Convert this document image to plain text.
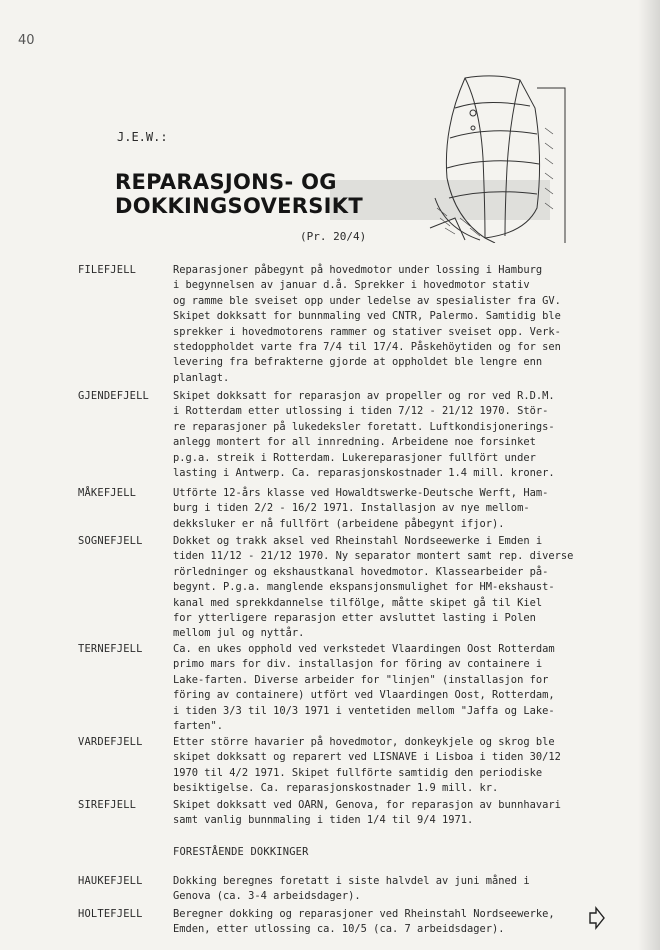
40
J.E.W.:
REPARASJONS- OG
DOKKINGSOVERSIKT
(Pr. 20/4)
FILEFJELL	Reparasjoner påbegynt på hovedmotor under lossing i Hamburg
i begynnelsen av januar d.å. Sprekker i hovedmotor stativ
og ramme ble sveiset opp under ledelse av spesialister fra GV.
Skipet dokksatt for bunnmaling ved CNTR, Palermo. Samtidig ble
sprekker i hovedmotorens rammer og stativer sveiset opp. Verk-
stedoppholdet varte fra 7/4 til 17/4. Påskehöytiden og for sen
levering fra befrakterne gjorde at oppholdet ble lengre enn
planlagt.
GJENDEFJELL	Skipet dokksatt for reparasjon av propeller og ror ved R.D.M.
i Rotterdam etter utlossing i tiden 7/12 - 21/12 1970. Stör-
re reparasjoner på lukedeksler foretatt. Luftkondisjonerings-
anlegg montert for all innredning. Arbeidene noe forsinket
p.g.a. streik i Rotterdam. Lukereparasjoner fullfört under
lasting i Antwerp. Ca. reparasjonskostnader 1.4 mill. kroner.
MÅKEFJELL	Utförte 12-års klasse ved Howaldtswerke-Deutsche Werft, Ham-
burg i tiden 2/2 - 16/2 1971. Installasjon av nye mellom-
dekksluker er nå fullfört (arbeidene påbegynt ifjor).
SOGNEFJELL	Dokket og trakk aksel ved Rheinstahl Nordseewerke i Emden i
tiden 11/12 - 21/12 1970. Ny separator montert samt rep. diverse
rörledninger og ekshaustkanal hovedmotor. Klassearbeider på-
begynt. P.g.a. manglende ekspansjonsmulighet for HM-ekshaust-
kanal med sprekkdannelse tilfölge, måtte skipet gå til Kiel
for ytterligere reparasjon etter avsluttet lasting i Polen
mellom jul og nyttår.
TERNEFJELL	Ca. en ukes opphold ved verkstedet Vlaardingen Oost Rotterdam
primo mars for div. installasjon for föring av containere i
Lake-farten. Diverse arbeider for "linjen" (installasjon for
föring av containere) utfört ved Vlaardingen Oost, Rotterdam,
i tiden 3/3 til 10/3 1971 i ventetiden mellom "Jaffa og Lake-
farten".
VARDEFJELL	Etter större havarier på hovedmotor, donkeykjele og skrog ble
skipet dokksatt og reparert ved LISNAVE i Lisboa i tiden 30/12
1970 til 4/2 1971. Skipet fullförte samtidig den periodiske
besiktigelse. Ca. reparasjonskostnader 1.9 mill. kr.
SIREFJELL	Skipet dokksatt ved OARN, Genova, for reparasjon av bunnhavari
samt vanlig bunnmaling i tiden 1/4 til 9/4 1971.
FORESTÅENDE DOKKINGER
HAUKEFJELL	Dokking beregnes foretatt i siste halvdel av juni måned i
Genova (ca. 3-4 arbeidsdager).
HOLTEFJELL	Beregner dokking og reparasjoner ved Rheinstahl Nordseewerke,
Emden, etter utlossing ca. 10/5 (ca. 7 arbeidsdager).
